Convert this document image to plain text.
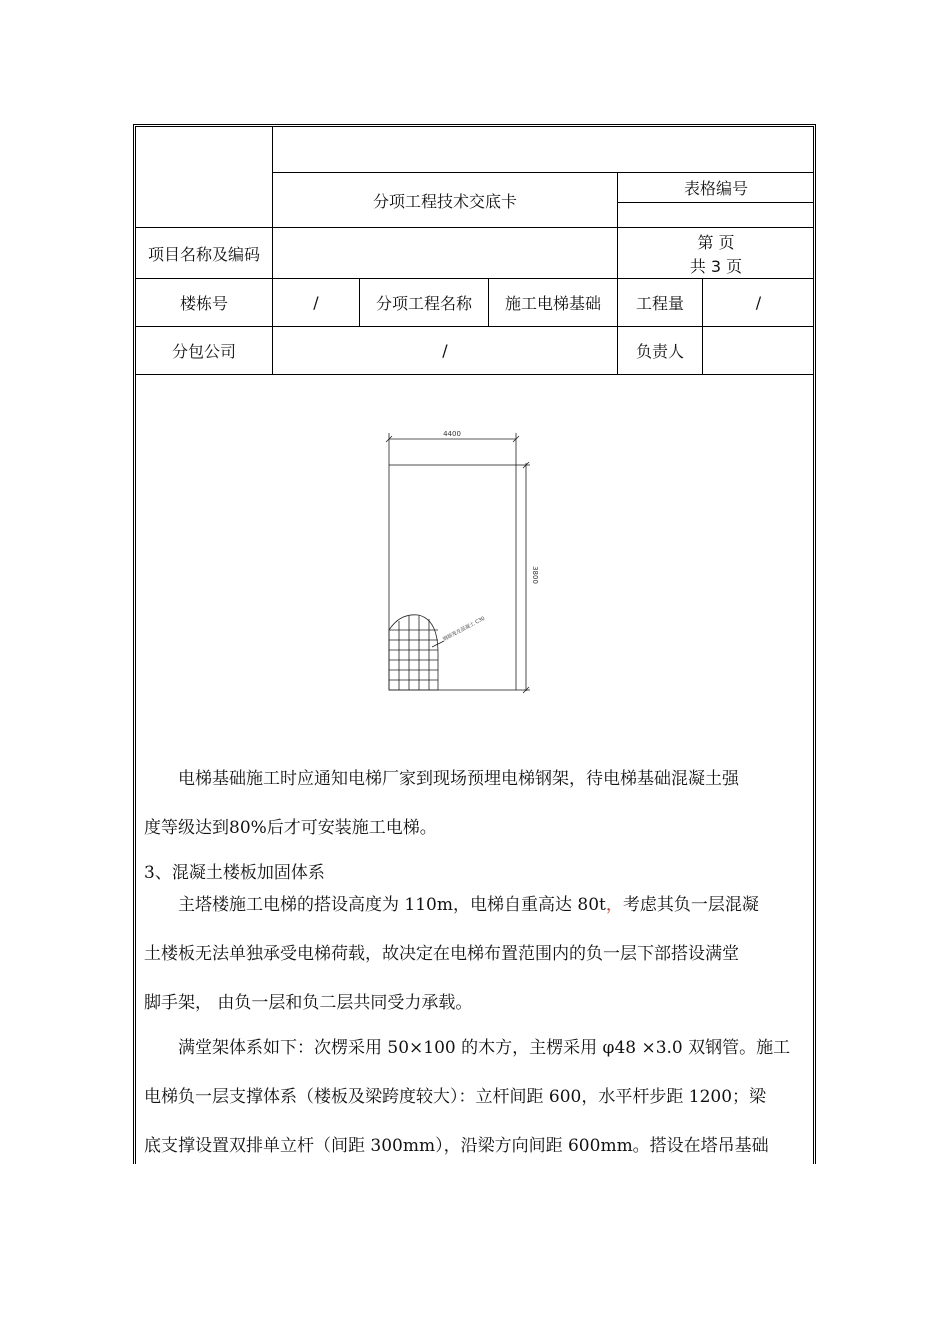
分项工程技术交底卡
表格编号
项目名称及编码
第 页
共 3 页
楼栋号	/	分项工程名称	施工电梯基础	工程量	/
分包公司	/	负责人
4400
3800
钢筋笼及混凝土 C30

电梯基础施工时应通知电梯厂家到现场预埋电梯钢架，待电梯基础混凝土强

度等级达到80%后才可安装施工电梯。

3、混凝土楼板加固体系

主塔楼施工电梯的搭设高度为 110m，电梯自重高达 80t，考虑其负一层混凝

土楼板无法单独承受电梯荷载，故决定在电梯布置范围内的负一层下部搭设满堂

脚手架， 由负一层和负二层共同受力承载。

满堂架体系如下：次楞采用 50×100 的木方，主楞采用 φ48 ×3.0 双钢管。施工

电梯负一层支撑体系（楼板及梁跨度较大）：立杆间距 600，水平杆步距 1200；梁

底支撑设置双排单立杆（间距 300mm），沿梁方向间距 600mm。搭设在塔吊基础
